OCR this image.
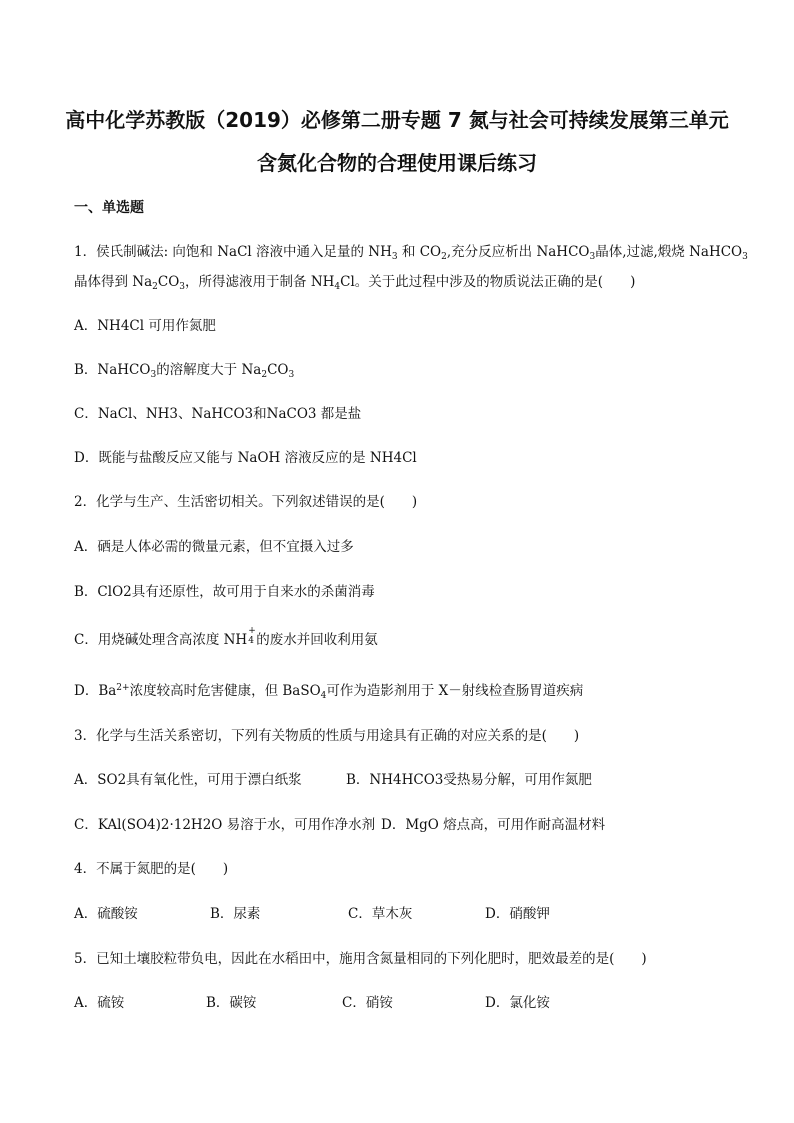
高中化学苏教版（2019）必修第二册专题 7 氮与社会可持续发展第三单元
含氮化合物的合理使用课后练习
一、单选题
1．侯氏制碱法: 向饱和 NaCl 溶液中通入足量的 $NH_3$ 和 $CO_2$,充分反应析出 NaHCO$_3$晶体,过滤,煅烧 NaHCO$_3$
晶体得到 $Na_2CO_3$，所得滤液用于制备 $NH_4Cl$。关于此过程中涉及的物质说法正确的是(　　)
A．NH4Cl 可用作氮肥
B．NaHCO$_3$的溶解度大于 $Na_2CO_3$
C．NaCl、NH3、NaHCO3和NaCO3 都是盐
D．既能与盐酸反应又能与 NaOH 溶液反应的是 NH4Cl
2．化学与生产、生活密切相关。下列叙述错误的是(　　)
A．硒是人体必需的微量元素，但不宜摄入过多
B．ClO2具有还原性，故可用于自来水的杀菌消毒
C．用烧碱处理含高浓度 NH
+
4 的废水并回收利用氨
D．$Ba^{2+}$浓度较高时危害健康，但 BaSO$_4$可作为造影剂用于 X－射线检查肠胃道疾病
3．化学与生活关系密切，下列有关物质的性质与用途具有正确的对应关系的是(　　)
A．SO2具有氧化性，可用于漂白纸浆	B．NH4HCO3受热易分解，可用作氮肥
C．KAl(SO4)2·12H2O 易溶于水，可用作净水剂 D．MgO 熔点高，可用作耐高温材料
4．不属于氮肥的是(　　)
A．硫酸铵	B．尿素	C．草木灰	D．硝酸钾
5．已知土壤胶粒带负电，因此在水稻田中，施用含氮量相同的下列化肥时，肥效最差的是(　　)
A．硫铵	B．碳铵	C．硝铵	D．氯化铵
